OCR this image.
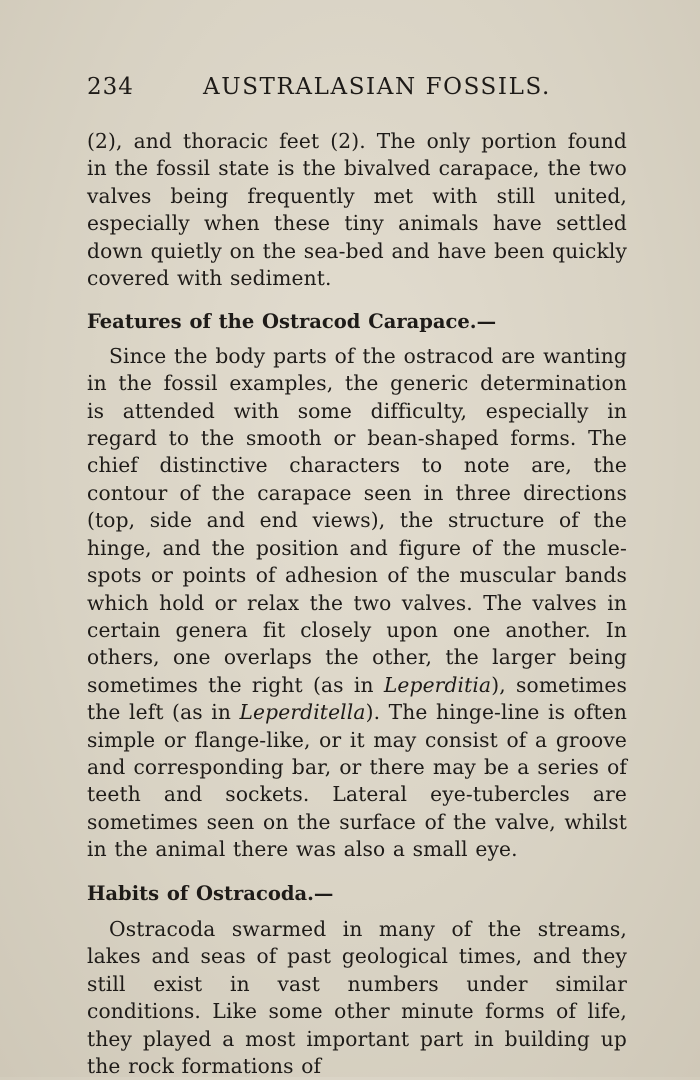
234	AUSTRALASIAN FOSSILS.

(2), and thoracic feet (2). The only portion found in the fossil state is the bivalved carapace, the two valves being frequently met with still united, especially when these tiny animals have settled down quietly on the sea-bed and have been quickly covered with sediment.

Features of the Ostracod Carapace.—

Since the body parts of the ostracod are wanting in the fossil examples, the generic determination is attended with some difficulty, especially in regard to the smooth or bean-shaped forms. The chief distinctive characters to note are, the contour of the carapace seen in three directions (top, side and end views), the structure of the hinge, and the position and figure of the muscle-spots or points of adhesion of the muscular bands which hold or relax the two valves. The valves in certain genera fit closely upon one another. In others, one overlaps the other, the larger being sometimes the right (as in Leperditia), sometimes the left (as in Leperditella). The hinge-line is often simple or flange-like, or it may consist of a groove and corresponding bar, or there may be a series of teeth and sockets. Lateral eye-tubercles are sometimes seen on the surface of the valve, whilst in the animal there was also a small eye.

Habits of Ostracoda.—

Ostracoda swarmed in many of the streams, lakes and seas of past geological times, and they still exist in vast numbers under similar conditions. Like some other minute forms of life, they played a most important part in building up the rock formations of
